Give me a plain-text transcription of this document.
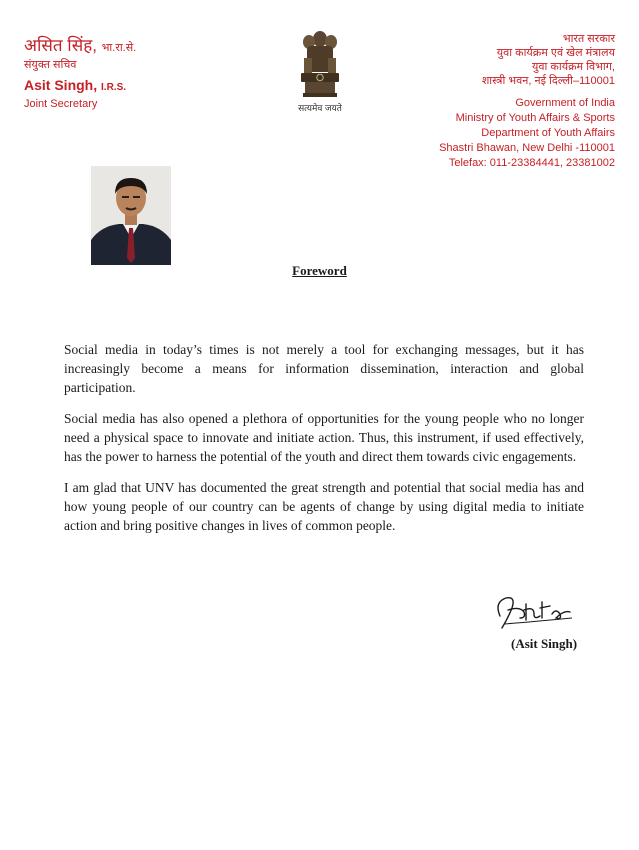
असित सिंह, भा.रा.से.
संयुक्त सचिव
Asit Singh, I.R.S.
Joint Secretary	सत्यमेव जयते
भारत सरकार
युवा कार्यक्रम एवं खेल मंत्रालय
युवा कार्यक्रम विभाग,
शास्त्री भवन, नई दिल्ली–110001
Government of India
Ministry of Youth Affairs & Sports
Department of Youth Affairs
Shastri Bhawan, New Delhi -110001
Telefax: 011-23384441, 23381002
Foreword

Social media in today’s times is not merely a tool for exchanging messages, but it has increasingly become a means for information dissemination, interaction and global participation.

Social media has also opened a plethora of opportunities for the young people who no longer need a physical space to innovate and initiate action. Thus, this instrument, if used effectively, has the power to harness the potential of the youth and direct them towards civic engagements.

I am glad that UNV has documented the great strength and potential that social media has and how young people of our country can be agents of change by using digital media to initiate action and bring positive changes in lives of common people.

(Asit Singh)
